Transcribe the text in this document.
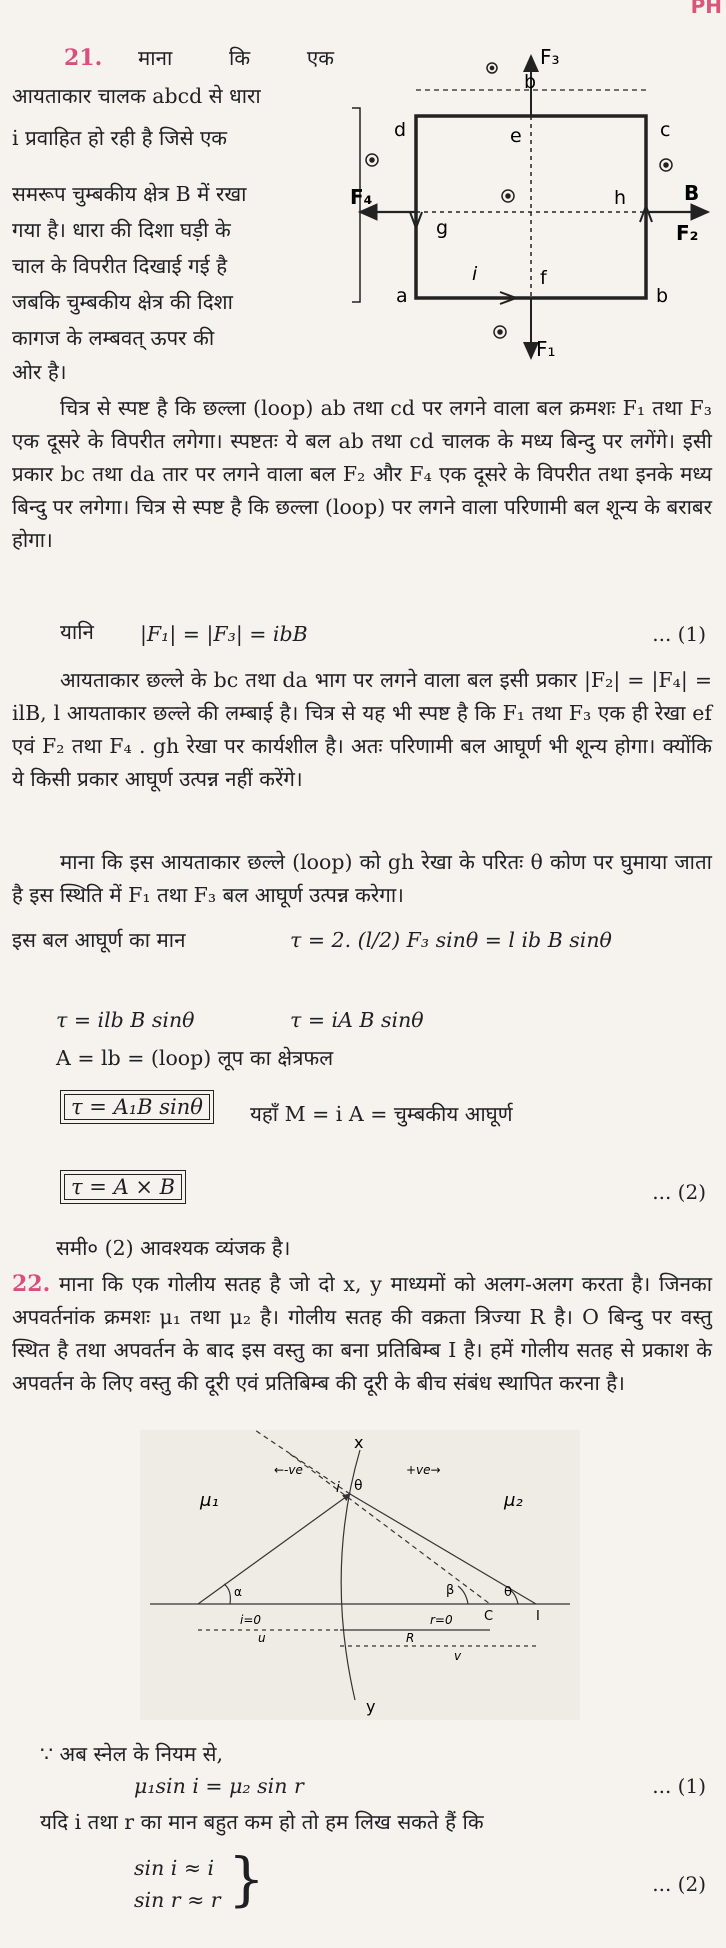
PH
21. माना कि एक
आयताकार चालक abcd से धारा
i प्रवाहित हो रही है जिसे एक
समरूप चुम्बकीय क्षेत्र B में रखा
गया है। धारा की दिशा घड़ी के
चाल के विपरीत दिखाई गई है
जबकि चुम्बकीय क्षेत्र की दिशा
कागज के लम्बवत् ऊपर की
ओर है।
F₃
b
d	c
e
F₄	h	B
g	F₂
i	f
a	b
F₁
चित्र से स्पष्ट है कि छल्ला (loop) ab तथा cd पर लगने वाला बल क्रमशः F₁ तथा F₃ एक दूसरे के विपरीत लगेगा। स्पष्टतः ये बल ab तथा cd चालक के मध्य बिन्दु पर लगेंगे। इसी प्रकार bc तथा da तार पर लगने वाला बल F₂ और F₄ एक दूसरे के विपरीत तथा इनके मध्य बिन्दु पर लगेगा। चित्र से स्पष्ट है कि छल्ला (loop) पर लगने वाला परिणामी बल शून्य के बराबर होगा।
यानि |F₁| = |F₃| = ibB	... (1)
आयताकार छल्ले के bc तथा da भाग पर लगने वाला बल इसी प्रकार |F₂| = |F₄| = ilB, l आयताकार छल्ले की लम्बाई है। चित्र से यह भी स्पष्ट है कि F₁ तथा F₃ एक ही रेखा ef एवं F₂ तथा F₄ . gh रेखा पर कार्यशील है। अतः परिणामी बल आघूर्ण भी शून्य होगा। क्योंकि ये किसी प्रकार आघूर्ण उत्पन्न नहीं करेंगे।
माना कि इस आयताकार छल्ले (loop) को gh रेखा के परितः θ कोण पर घुमाया जाता है इस स्थिति में F₁ तथा F₃ बल आघूर्ण उत्पन्न करेगा।
इस बल आघूर्ण का मान	τ = 2. (l/2) F₃ sinθ = l ib B sinθ
τ = ilb B sinθ	τ = iA B sinθ
A = lb = (loop) लूप का क्षेत्रफल
τ = A₁B sinθ	यहाँ M = i A = चुम्बकीय आघूर्ण
τ = A × B	... (2)
समी० (2) आवश्यक व्यंजक है।
22. माना कि एक गोलीय सतह है जो दो x, y माध्यमों को अलग-अलग करता है। जिनका अपवर्तनांक क्रमशः μ₁ तथा μ₂ है। गोलीय सतह की वक्रता त्रिज्या R है। O बिन्दु पर वस्तु स्थित है तथा अपवर्तन के बाद इस वस्तु का बना प्रतिबिम्ब I है। हमें गोलीय सतह से प्रकाश के अपवर्तन के लिए वस्तु की दूरी एवं प्रतिबिम्ब की दूरी के बीच संबंध स्थापित करना है।
x
←-ve	+ve→
μ₁	μ₂
i θ
α	β	θ
C	I
i=0	r=0
u	R
v
y
∵ अब स्नेल के नियम से,
μ₁sin i = μ₂ sin r	... (1)
यदि i तथा r का मान बहुत कम हो तो हम लिख सकते हैं कि
sin i ≈ i
sin r ≈ r }	... (2)
